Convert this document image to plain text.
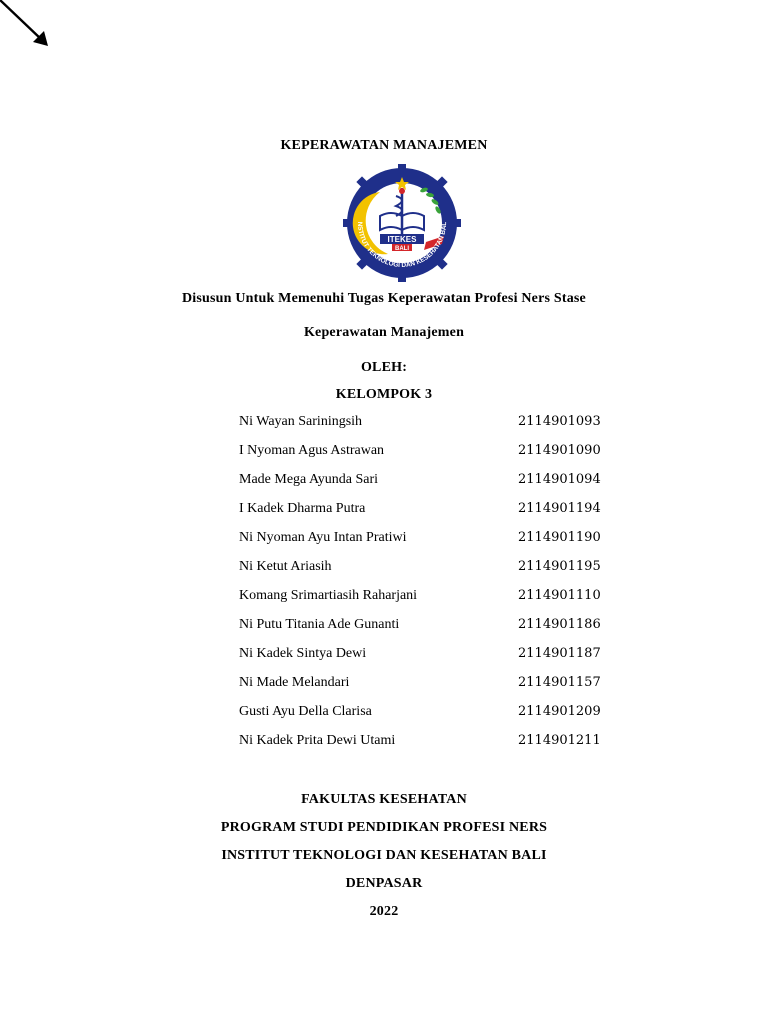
KEPERAWATAN MANAJEMEN
ITEKES
BALI
NSTITUT TEKNOLOGI DAN KESEHATAN BAL
Disusun Untuk Memenuhi Tugas Keperawatan Profesi Ners Stase
Keperawatan Manajemen
OLEH:
KELOMPOK 3
Ni Wayan Sariningsih	2114901093
I Nyoman Agus Astrawan	2114901090
Made Mega Ayunda Sari	2114901094
I Kadek Dharma Putra	2114901194
Ni Nyoman Ayu Intan Pratiwi	2114901190
Ni Ketut Ariasih	2114901195
Komang Srimartiasih Raharjani	2114901110
Ni Putu Titania Ade Gunanti	2114901186
Ni Kadek Sintya Dewi	2114901187
Ni Made Melandari	2114901157
Gusti Ayu Della Clarisa	2114901209
Ni Kadek Prita Dewi Utami	2114901211
FAKULTAS KESEHATAN
PROGRAM STUDI PENDIDIKAN PROFESI NERS
INSTITUT TEKNOLOGI DAN KESEHATAN BALI
DENPASAR
2022
